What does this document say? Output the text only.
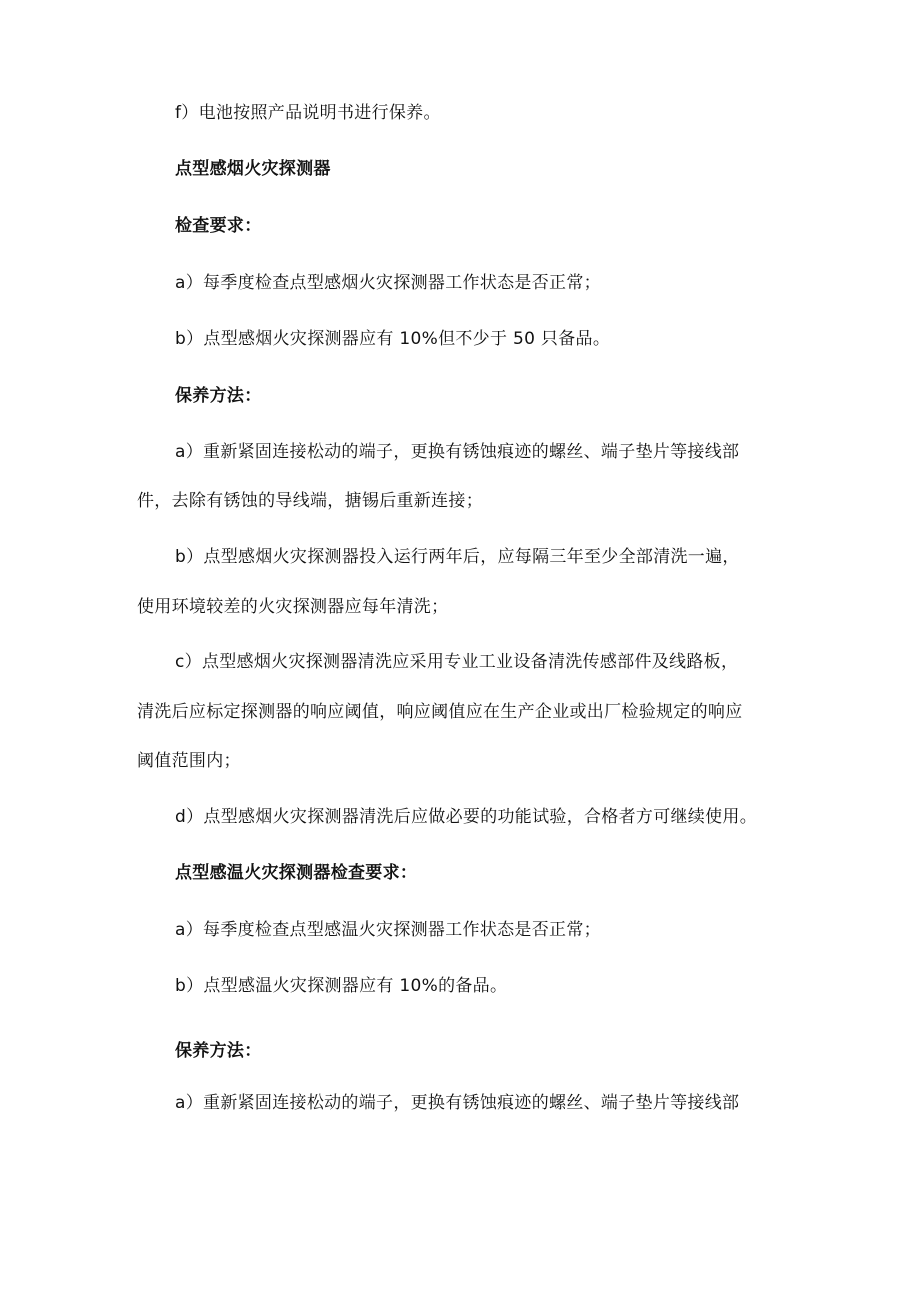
f）电池按照产品说明书进行保养。
点型感烟火灾探测器
检查要求：
a）每季度检查点型感烟火灾探测器工作状态是否正常；
b）点型感烟火灾探测器应有 10%但不少于 50 只备品。
保养方法：
a）重新紧固连接松动的端子，更换有锈蚀痕迹的螺丝、端子垫片等接线部
件，去除有锈蚀的导线端，搪锡后重新连接；
b）点型感烟火灾探测器投入运行两年后，应每隔三年至少全部清洗一遍，
使用环境较差的火灾探测器应每年清洗；
c）点型感烟火灾探测器清洗应采用专业工业设备清洗传感部件及线路板，
清洗后应标定探测器的响应阈值，响应阈值应在生产企业或出厂检验规定的响应
阈值范围内；
d）点型感烟火灾探测器清洗后应做必要的功能试验，合格者方可继续使用。
点型感温火灾探测器检查要求：
a）每季度检查点型感温火灾探测器工作状态是否正常；
b）点型感温火灾探测器应有 10%的备品。
保养方法：
a）重新紧固连接松动的端子，更换有锈蚀痕迹的螺丝、端子垫片等接线部
